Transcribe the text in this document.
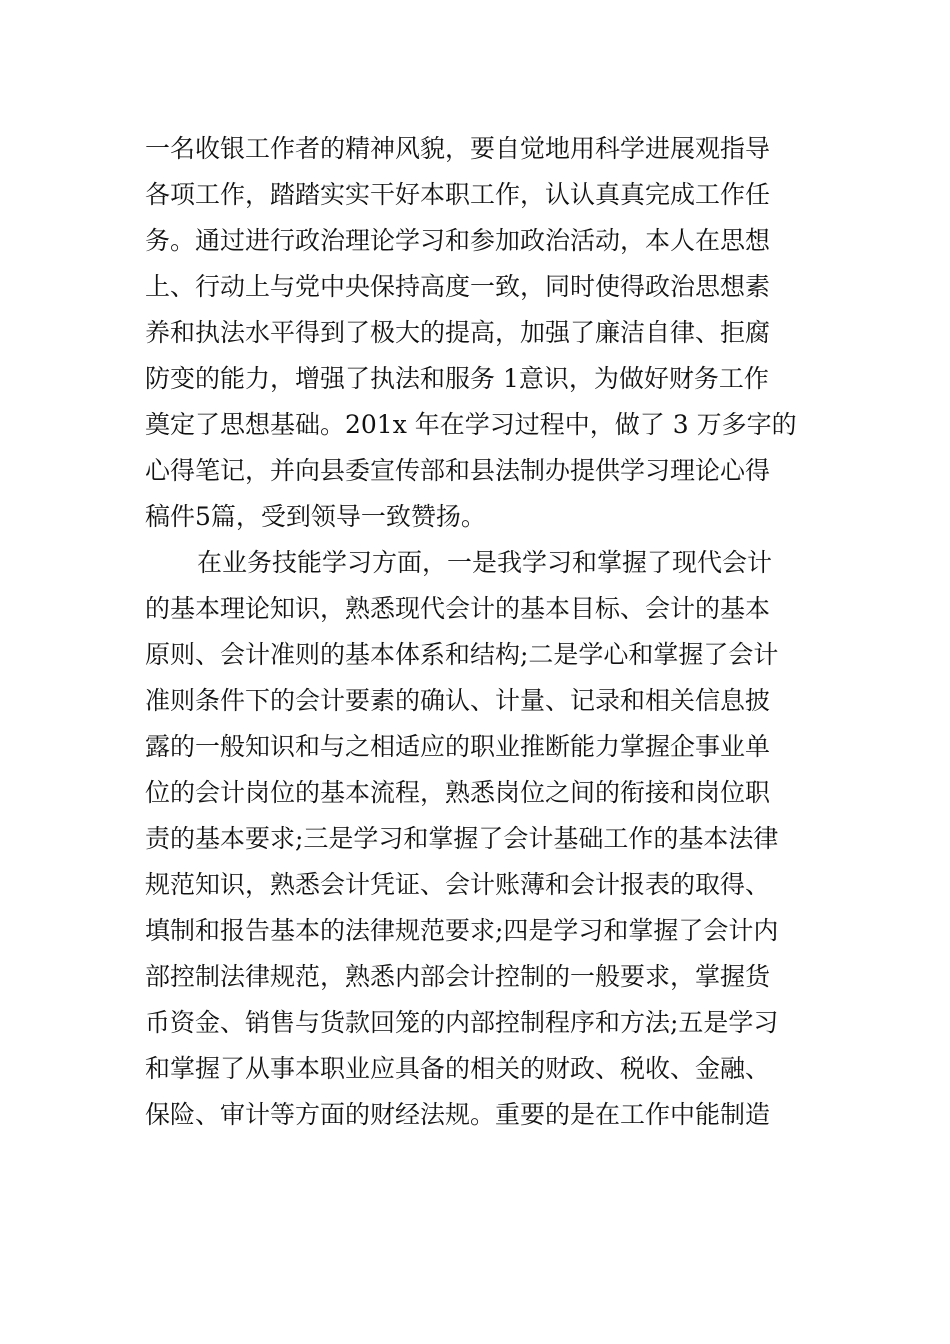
一名收银工作者的精神风貌，要自觉地用科学进展观指导
各项工作，踏踏实实干好本职工作，认认真真完成工作任
务。通过进行政治理论学习和参加政治活动，本人在思想
上、行动上与党中央保持高度一致，同时使得政治思想素
养和执法水平得到了极大的提高，加强了廉洁自律、拒腐
防变的能力，增强了执法和服务 1意识，为做好财务工作
奠定了思想基础。201x 年在学习过程中，做了 3 万多字的
心得笔记，并向县委宣传部和县法制办提供学习理论心得
稿件5篇，受到领导一致赞扬。
在业务技能学习方面，一是我学习和掌握了现代会计
的基本理论知识，熟悉现代会计的基本目标、会计的基本
原则、会计准则的基本体系和结构;二是学心和掌握了会计
准则条件下的会计要素的确认、计量、记录和相关信息披
露的一般知识和与之相适应的职业推断能力掌握企事业单
位的会计岗位的基本流程，熟悉岗位之间的衔接和岗位职
责的基本要求;三是学习和掌握了会计基础工作的基本法律
规范知识，熟悉会计凭证、会计账薄和会计报表的取得、
填制和报告基本的法律规范要求;四是学习和掌握了会计内
部控制法律规范，熟悉内部会计控制的一般要求，掌握货
币资金、销售与货款回笼的内部控制程序和方法;五是学习
和掌握了从事本职业应具备的相关的财政、税收、金融、
保险、审计等方面的财经法规。重要的是在工作中能制造
